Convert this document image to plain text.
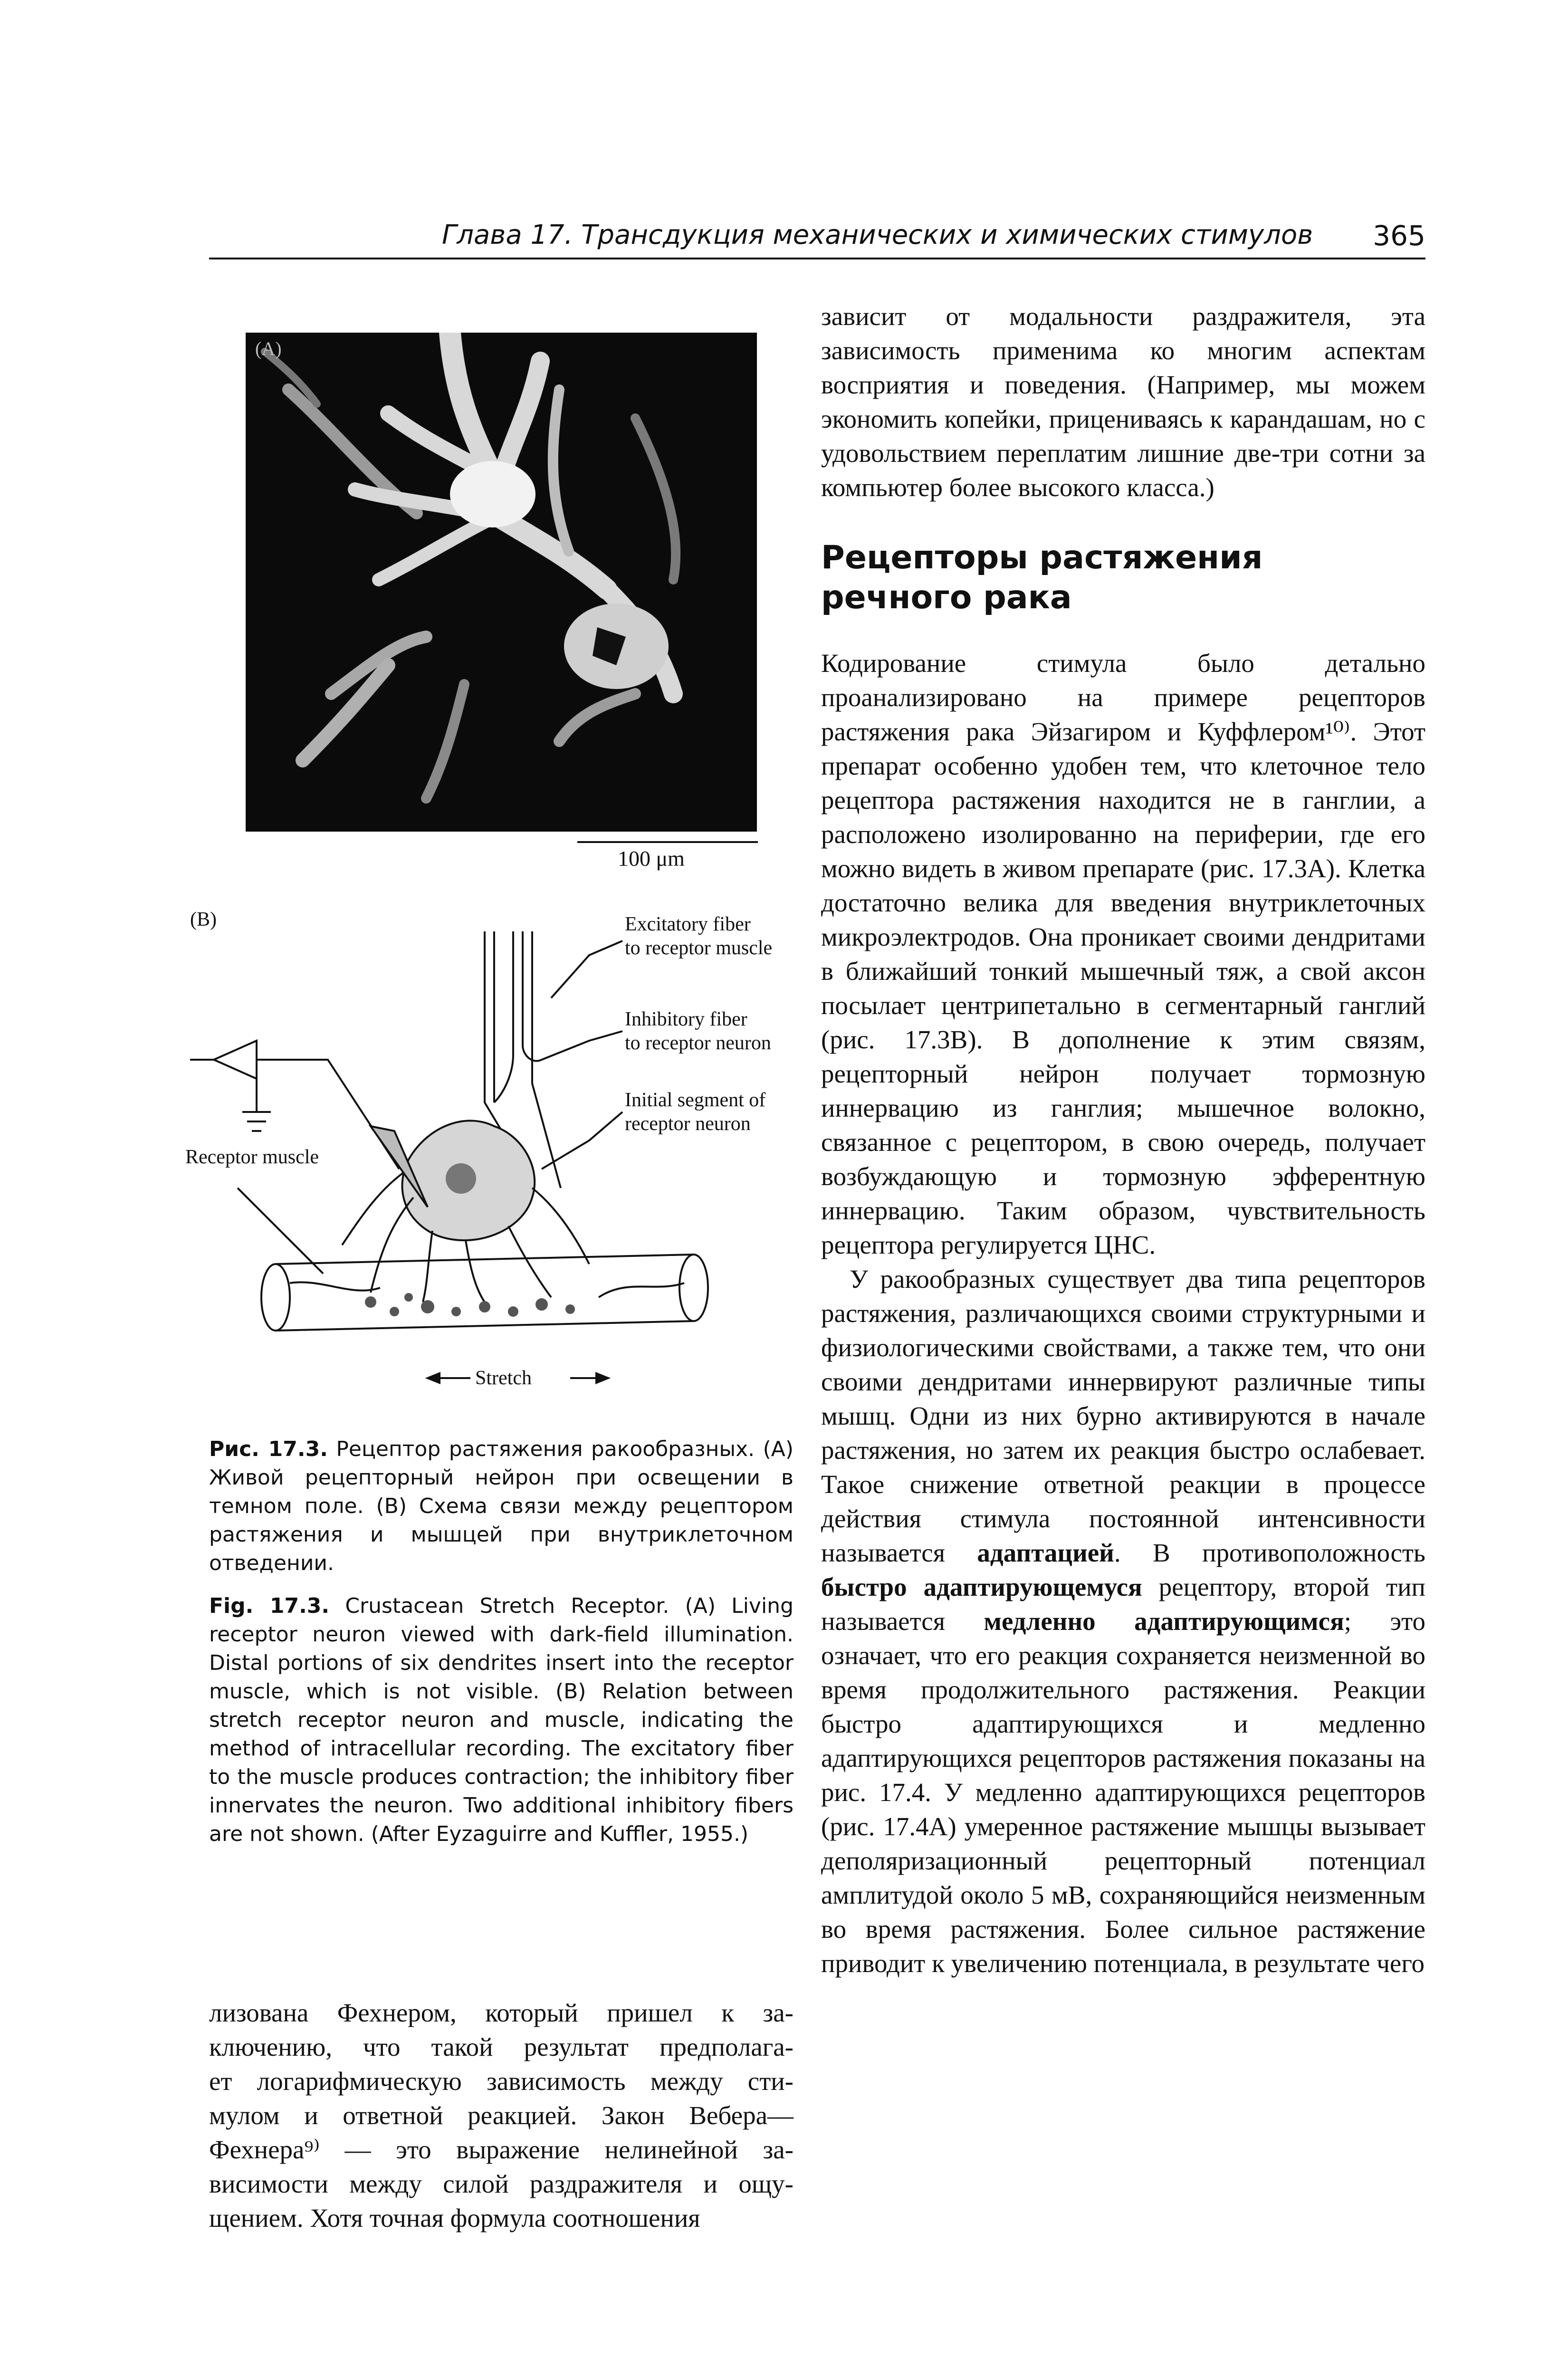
Глава 17. Трансдукция механических и химических стимулов 365
(A)
100 μm
(B)
Receptor muscle
Excitatory fiber
to receptor muscle
Inhibitory fiber
to receptor neuron
Initial segment of
receptor neuron
Stretch

Рис. 17.3. Рецептор растяжения ракообразных. (А) Живой рецепторный нейрон при освещении в темном поле. (В) Схема связи между рецептором растяжения и мышцей при внутриклеточном отведении.

Fig. 17.3. Crustacean Stretch Receptor. (A) Living receptor neuron viewed with dark-field illumination. Distal portions of six dendrites insert into the receptor muscle, which is not visible. (B) Relation between stretch receptor neuron and muscle, indicating the method of intracellular recording. The excitatory fiber to the muscle produces contraction; the inhibitory fiber innervates the neuron. Two additional inhibitory fibers are not shown. (After Eyzaguirre and Kuffler, 1955.)

лизована Фехнером, который пришел к за-
ключению, что такой результат предполага-
ет логарифмическую зависимость между сти-
мулом и ответной реакцией. Закон Вебера—
Фехнера⁹⁾ — это выражение нелинейной за-
висимости между силой раздражителя и ощу-
щением. Хотя точная формула соотношения

зависит от модальности раздражителя, эта зависимость применима ко многим аспектам восприятия и поведения. (Например, мы можем экономить копейки, прицениваясь к карандашам, но с удовольствием переплатим лишние две-три сотни за компьютер более высокого класса.)

Рецепторы растяжения
речного рака

Кодирование стимула было детально проанализировано на примере рецепторов растяжения рака Эйзагиром и Куффлером¹⁰⁾. Этот препарат особенно удобен тем, что клеточное тело рецептора растяжения находится не в ганглии, а расположено изолированно на периферии, где его можно видеть в живом препарате (рис. 17.3А). Клетка достаточно велика для введения внутриклеточных микроэлектродов. Она проникает своими дендритами в ближайший тонкий мышечный тяж, а свой аксон посылает центрипетально в сегментарный ганглий (рис. 17.3В). В дополнение к этим связям, рецепторный нейрон получает тормозную иннервацию из ганглия; мышечное волокно, связанное с рецептором, в свою очередь, получает возбуждающую и тормозную эфферентную иннервацию. Таким образом, чувствительность рецептора регулируется ЦНС.

У ракообразных существует два типа рецепторов растяжения, различающихся своими структурными и физиологическими свойствами, а также тем, что они своими дендритами иннервируют различные типы мышц. Одни из них бурно активируются в начале растяжения, но затем их реакция быстро ослабевает. Такое снижение ответной реакции в процессе действия стимула постоянной интенсивности называется адаптацией. В противоположность быстро адаптирующемуся рецептору, второй тип называется медленно адаптирующимся; это означает, что его реакция сохраняется неизменной во время продолжительного растяжения. Реакции быстро адаптирующихся и медленно адаптирующихся рецепторов растяжения показаны на рис. 17.4. У медленно адаптирующихся рецепторов (рис. 17.4А) умеренное растяжение мышцы вызывает деполяризационный рецепторный потенциал амплитудой около 5 мВ, сохраняющийся неизменным во время растяжения. Более сильное растяжение приводит к увеличению потенциала, в результате чего
